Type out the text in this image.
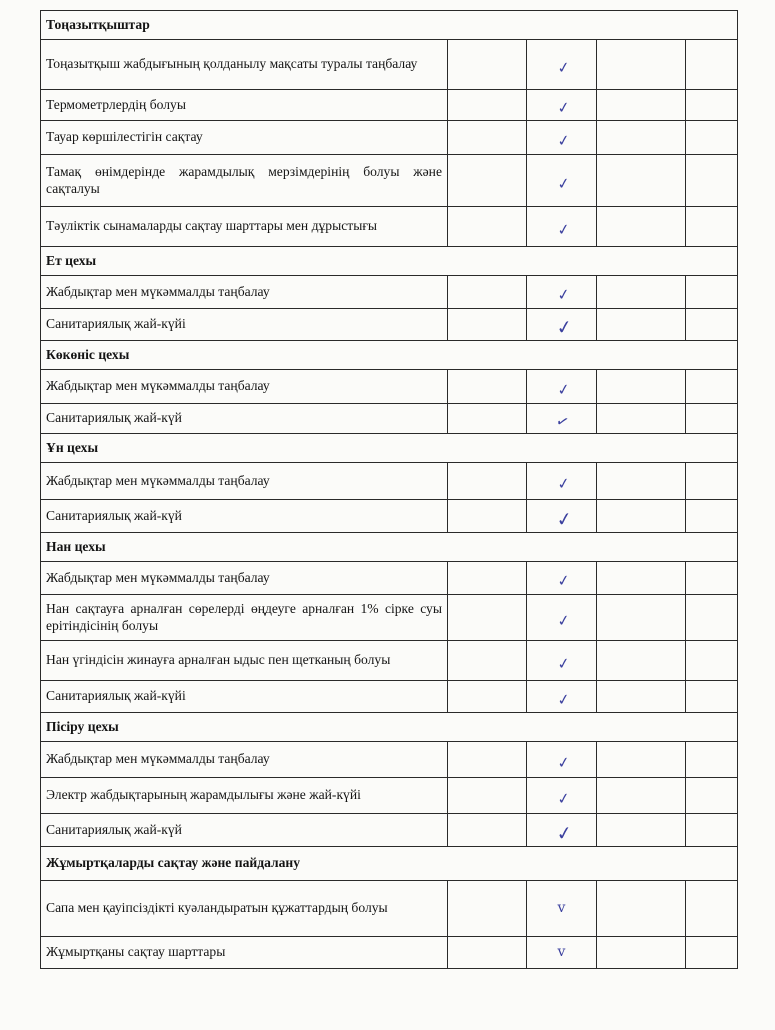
Тоңазытқыштар				
Тоңазытқыш жабдығының қолданылу мақсаты туралы таңбалау		✓		
Термометрлердің болуы		✓		
Тауар көршілестігін сақтау		✓		
Тамақ өнімдерінде жарамдылық мерзімдерінің болуы және сақталуы		✓		
Тәуліктік сынамаларды сақтау шарттары мен дұрыстығы		✓		
Ет цехы				
Жабдықтар мен мүкәммалды таңбалау		✓		
Санитариялық жай-күйі		✓		
Көкөніс цехы				
Жабдықтар мен мүкәммалды таңбалау		✓		
Санитариялық жай-күй		✓		
Ұн цехы				
Жабдықтар мен мүкәммалды таңбалау		✓		
Санитариялық жай-күй		✓		
Нан цехы				
Жабдықтар мен мүкәммалды таңбалау		✓		
Нан сақтауға арналған сөрелерді өңдеуге арналған 1% сірке суы ерітіндісінің болуы		✓		
Нан үгіндісін жинауға арналған ыдыс пен щетканың болуы		✓		
Санитариялық жай-күйі		✓		
Пісіру цехы				
Жабдықтар мен мүкәммалды таңбалау		✓		
Электр жабдықтарының жарамдылығы және жай-күйі		✓		
Санитариялық жай-күй		✓		
Жұмыртқаларды сақтау және пайдалану				
Сапа мен қауіпсіздікті куәландыратын құжаттардың болуы		v		
Жұмыртқаны сақтау шарттары		v		
